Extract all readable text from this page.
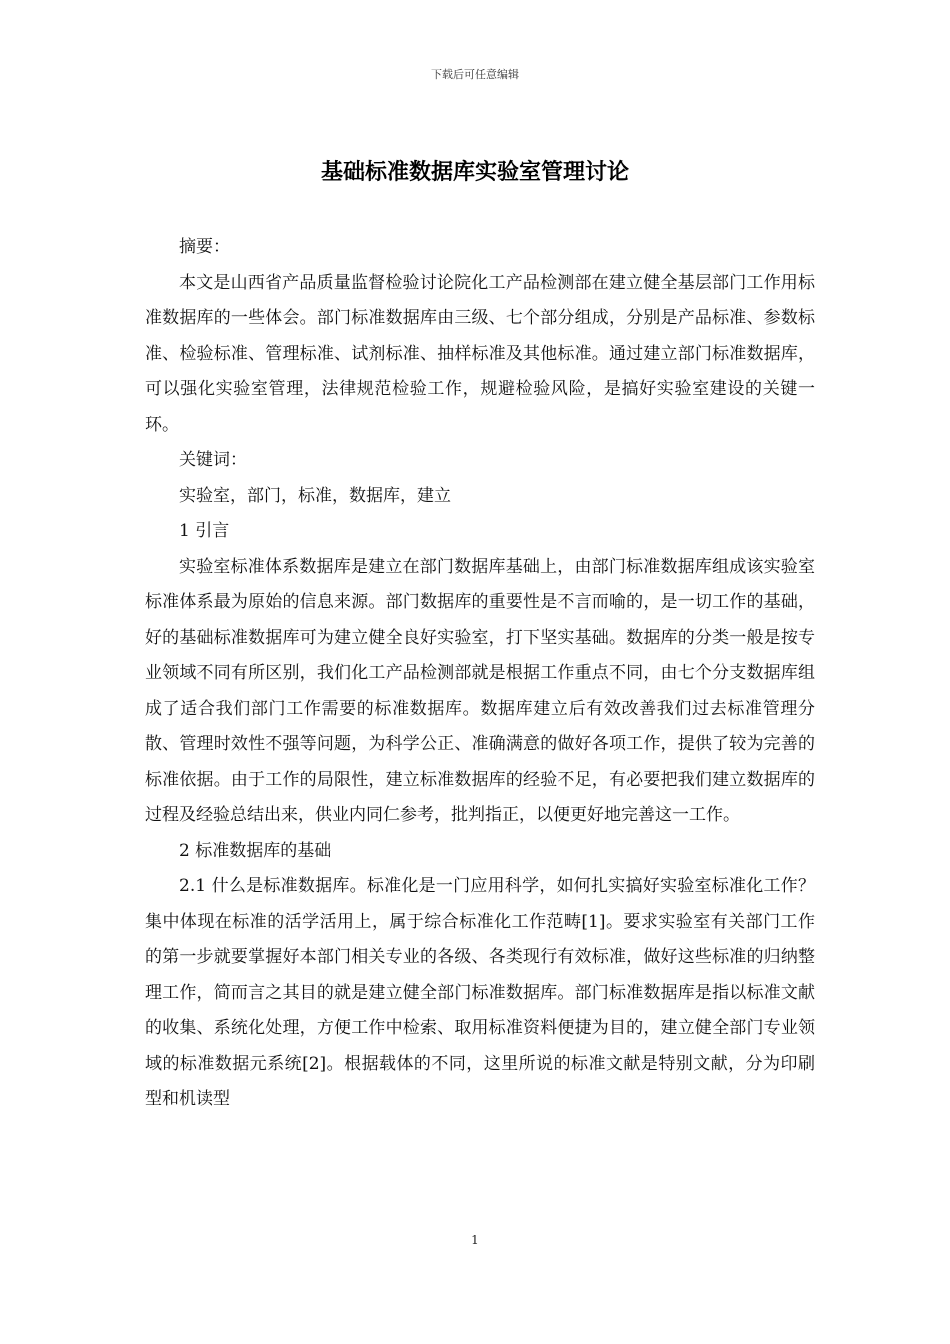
下载后可任意编辑
基础标准数据库实验室管理讨论

摘要：

本文是山西省产品质量监督检验讨论院化工产品检测部在建立健全基层部门工作用标准数据库的一些体会。部门标准数据库由三级、七个部分组成，分别是产品标准、参数标准、检验标准、管理标准、试剂标准、抽样标准及其他标准。通过建立部门标准数据库，可以强化实验室管理，法律规范检验工作，规避检验风险，是搞好实验室建设的关键一环。

关键词：

实验室，部门，标准，数据库，建立

1 引言

实验室标准体系数据库是建立在部门数据库基础上，由部门标准数据库组成该实验室标准体系最为原始的信息来源。部门数据库的重要性是不言而喻的，是一切工作的基础，好的基础标准数据库可为建立健全良好实验室，打下坚实基础。数据库的分类一般是按专业领域不同有所区别，我们化工产品检测部就是根据工作重点不同，由七个分支数据库组成了适合我们部门工作需要的标准数据库。数据库建立后有效改善我们过去标准管理分散、管理时效性不强等问题，为科学公正、准确满意的做好各项工作，提供了较为完善的标准依据。由于工作的局限性，建立标准数据库的经验不足，有必要把我们建立数据库的过程及经验总结出来，供业内同仁参考，批判指正，以便更好地完善这一工作。

2 标准数据库的基础

2.1 什么是标准数据库。标准化是一门应用科学，如何扎实搞好实验室标准化工作？集中体现在标准的活学活用上，属于综合标准化工作范畴[1]。要求实验室有关部门工作的第一步就要掌握好本部门相关专业的各级、各类现行有效标准，做好这些标准的归纳整理工作，简而言之其目的就是建立健全部门标准数据库。部门标准数据库是指以标准文献的收集、系统化处理，方便工作中检索、取用标准资料便捷为目的，建立健全部门专业领域的标准数据元系统[2]。根据载体的不同，这里所说的标准文献是特别文献，分为印刷型和机读型

1
